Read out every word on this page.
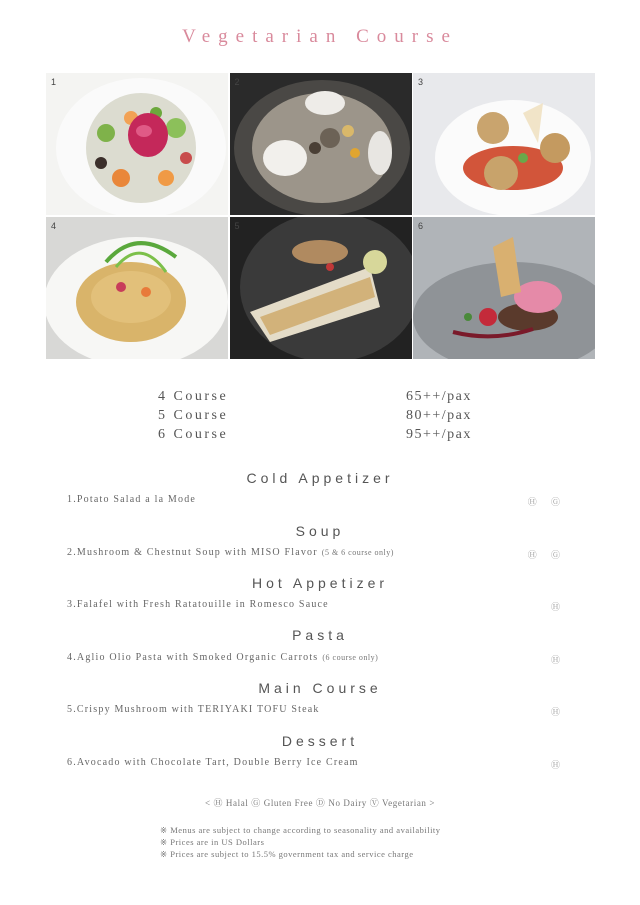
Vegetarian Course
1	2	3
4	5	6
4 Course	65++/pax
5 Course	80++/pax
6 Course	95++/pax
Cold Appetizer
1.Potato Salad a la Mode	Ⓗ Ⓖ
Soup
2.Mushroom & Chestnut Soup with MISO Flavor (5 & 6 course only)	Ⓗ Ⓖ
Hot Appetizer
3.Falafel with Fresh Ratatouille in Romesco Sauce	Ⓗ
Pasta
4.Aglio Olio Pasta with Smoked Organic Carrots (6 course only)	Ⓗ
Main Course
5.Crispy Mushroom with TERIYAKI TOFU Steak	Ⓗ
Dessert
6.Avocado with Chocolate Tart, Double Berry Ice Cream	Ⓗ
< Ⓗ Halal Ⓖ Gluten Free Ⓓ No Dairy Ⓥ Vegetarian >
※ Menus are subject to change according to seasonality and availability
※ Prices are in US Dollars
※ Prices are subject to 15.5% government tax and service charge
